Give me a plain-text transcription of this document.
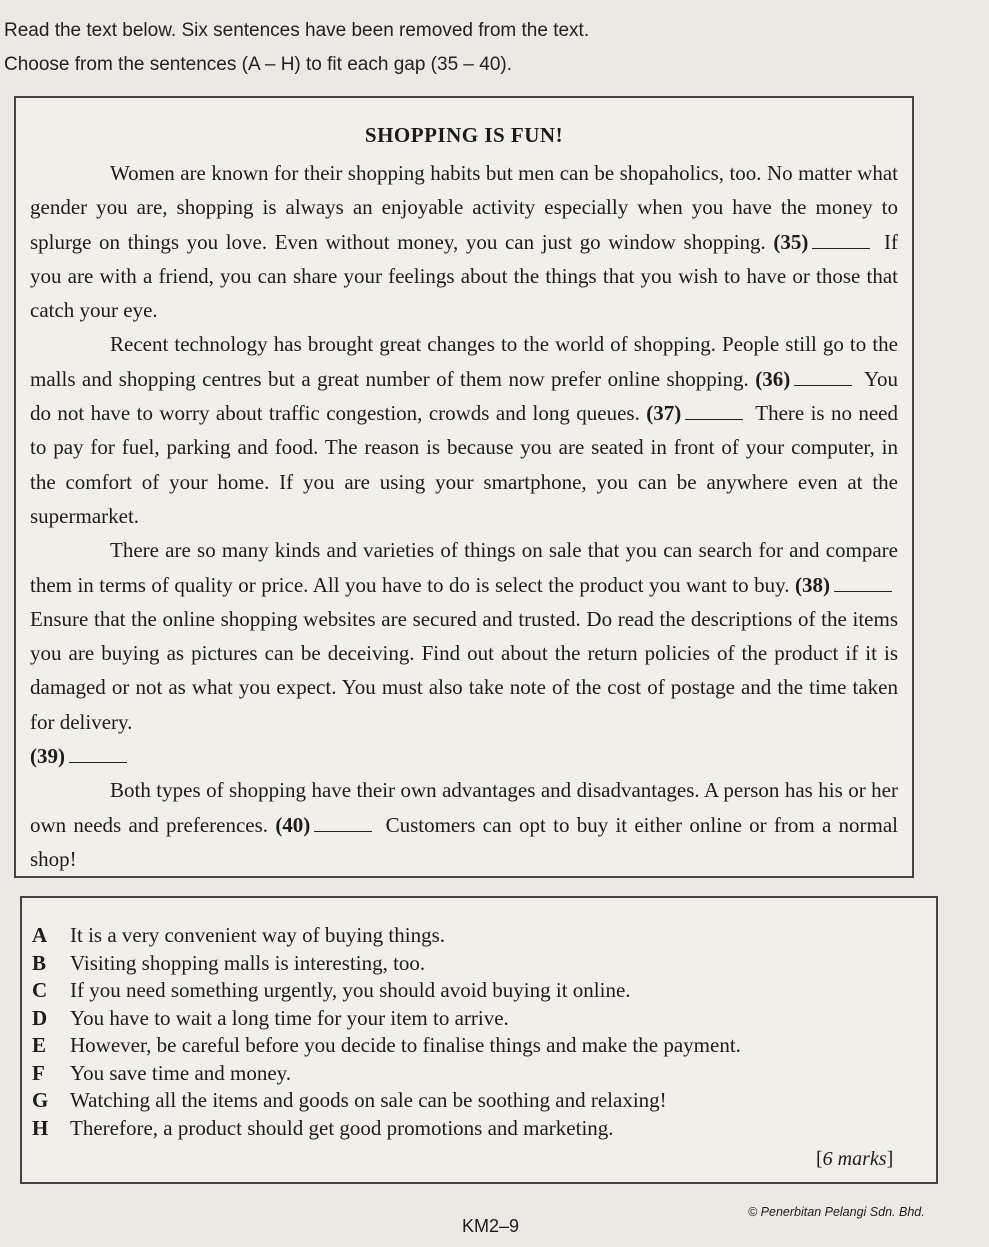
Read the text below. Six sentences have been removed from the text.
Choose from the sentences (A – H) to fit each gap (35 – 40).
SHOPPING IS FUN!

Women are known for their shopping habits but men can be shopaholics, too. No matter what gender you are, shopping is always an enjoyable activity especially when you have the money to splurge on things you love. Even without money, you can just go window shopping. (35)	If you are with a friend, you can share your feelings about the things that you wish to have or those that catch your eye.

Recent technology has brought great changes to the world of shopping. People still go to the malls and shopping centres but a great number of them now prefer online shopping. (36)	You do not have to worry about traffic congestion, crowds and long queues. (37)	There is no need to pay for fuel, parking and food. The reason is because you are seated in front of your computer, in the comfort of your home. If you are using your smartphone, you can be anywhere even at the supermarket.

There are so many kinds and varieties of things on sale that you can search for and compare them in terms of quality or price. All you have to do is select the product you want to buy. (38) Ensure that the online shopping websites are secured and trusted. Do read the descriptions of the items you are buying as pictures can be deceiving. Find out about the return policies of the product if it is damaged or not as what you expect. You must also take note of the cost of postage and the time taken for delivery.

(39)

Both types of shopping have their own advantages and disadvantages. A person has his or her own needs and preferences. (40)	Customers can opt to buy it either online or from a normal shop!

A It is a very convenient way of buying things.
B Visiting shopping malls is interesting, too.
C If you need something urgently, you should avoid buying it online.
D You have to wait a long time for your item to arrive.
E However, be careful before you decide to finalise things and make the payment.
F You save time and money.
G Watching all the items and goods on sale can be soothing and relaxing!
H Therefore, a product should get good promotions and marketing.
[6 marks]
KM2–9
© Penerbitan Pelangi Sdn. Bhd.
